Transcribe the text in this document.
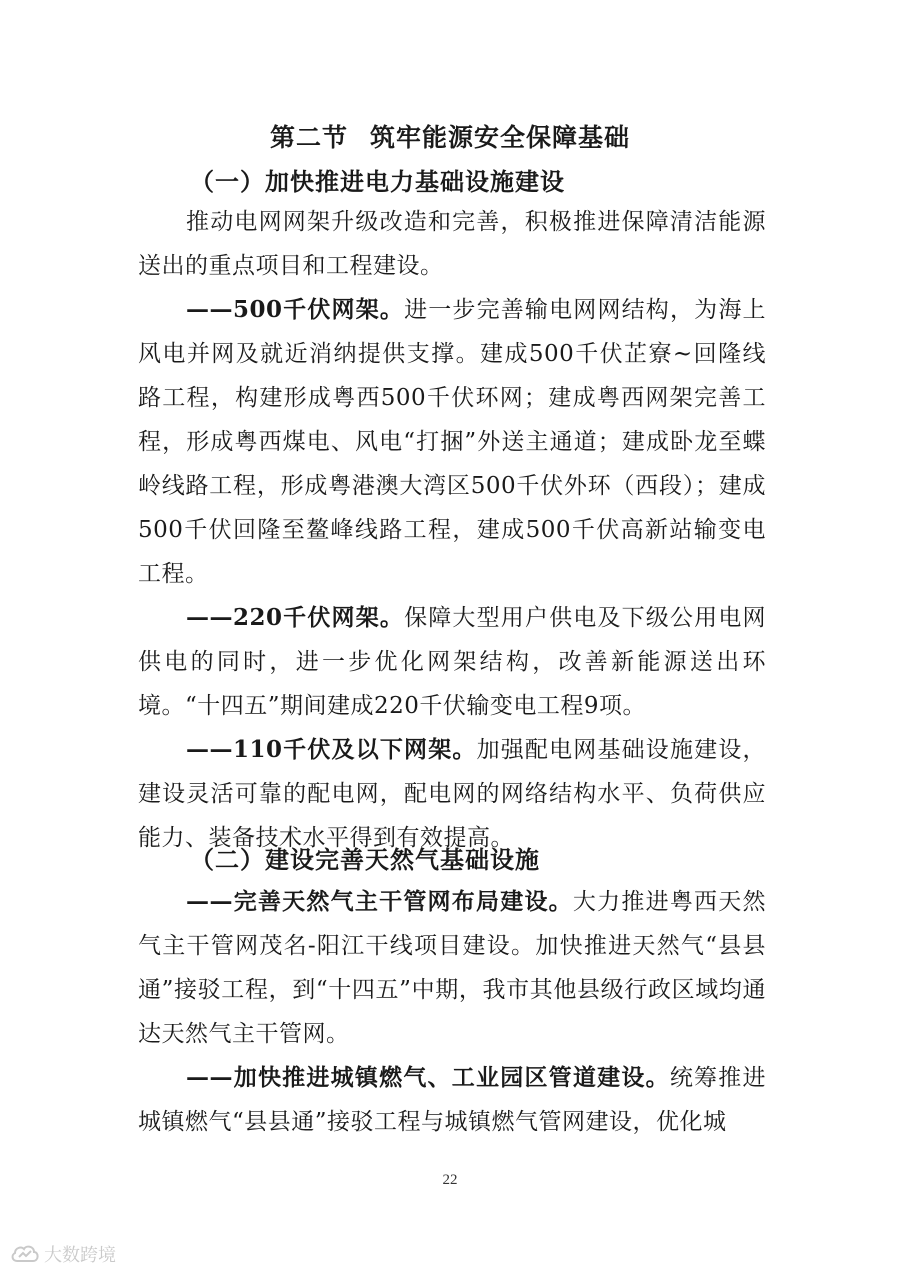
第二节 筑牢能源安全保障基础
（一）加快推进电力基础设施建设

推动电网网架升级改造和完善，积极推进保障清洁能源送出的重点项目和工程建设。

——500千伏网架。进一步完善输电网网结构，为海上风电并网及就近消纳提供支撑。建成500千伏芷寮~回隆线路工程，构建形成粤西500千伏环网；建成粤西网架完善工程，形成粤西煤电、风电“打捆”外送主通道；建成卧龙至蝶岭线路工程，形成粤港澳大湾区500千伏外环（西段）；建成500千伏回隆至鳌峰线路工程，建成500千伏高新站输变电工程。

——220千伏网架。保障大型用户供电及下级公用电网供电的同时，进一步优化网架结构，改善新能源送出环境。“十四五”期间建成220千伏输变电工程9项。

——110千伏及以下网架。加强配电网基础设施建设，建设灵活可靠的配电网，配电网的网络结构水平、负荷供应能力、装备技术水平得到有效提高。

（二）建设完善天然气基础设施

——完善天然气主干管网布局建设。大力推进粤西天然气主干管网茂名-阳江干线项目建设。加快推进天然气“县县通”接驳工程，到“十四五”中期，我市其他县级行政区域均通达天然气主干管网。

——加快推进城镇燃气、工业园区管道建设。统筹推进城镇燃气“县县通”接驳工程与城镇燃气管网建设，优化城

22
大数跨境
